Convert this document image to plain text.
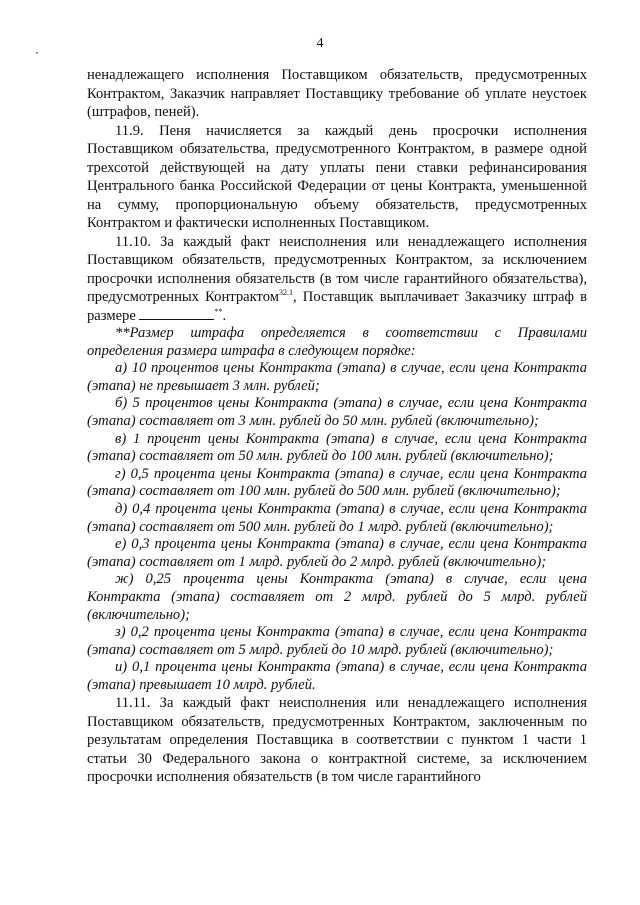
4

ненадлежащего исполнения Поставщиком обязательств, предусмотренных Контрактом, Заказчик направляет Поставщику требование об уплате неустоек (штрафов, пеней).

11.9. Пеня начисляется за каждый день просрочки исполнения Поставщиком обязательства, предусмотренного Контрактом, в размере одной трехсотой действующей на дату уплаты пени ставки рефинансирования Центрального банка Российской Федерации от цены Контракта, уменьшенной на сумму, пропорциональную объему обязательств, предусмотренных Контрактом и фактически исполненных Поставщиком.

11.10. За каждый факт неисполнения или ненадлежащего исполнения Поставщиком обязательств, предусмотренных Контрактом, за исключением просрочки исполнения обязательств (в том числе гарантийного обязательства), предусмотренных Контрактом$^{32.1}$, Поставщик выплачивает Заказчику штраф в размере	**.

**Размер штрафа определяется в соответствии с Правилами определения размера штрафа в следующем порядке:

а) 10 процентов цены Контракта (этапа) в случае, если цена Контракта (этапа) не превышает 3 млн. рублей;

б) 5 процентов цены Контракта (этапа) в случае, если цена Контракта (этапа) составляет от 3 млн. рублей до 50 млн. рублей (включительно);

в) 1 процент цены Контракта (этапа) в случае, если цена Контракта (этапа) составляет от 50 млн. рублей до 100 млн. рублей (включительно);

г) 0,5 процента цены Контракта (этапа) в случае, если цена Контракта (этапа) составляет от 100 млн. рублей до 500 млн. рублей (включительно);

д) 0,4 процента цены Контракта (этапа) в случае, если цена Контракта (этапа) составляет от 500 млн. рублей до 1 млрд. рублей (включительно);

е) 0,3 процента цены Контракта (этапа) в случае, если цена Контракта (этапа) составляет от 1 млрд. рублей до 2 млрд. рублей (включительно);

ж) 0,25 процента цены Контракта (этапа) в случае, если цена Контракта (этапа) составляет от 2 млрд. рублей до 5 млрд. рублей (включительно);

з) 0,2 процента цены Контракта (этапа) в случае, если цена Контракта (этапа) составляет от 5 млрд. рублей до 10 млрд. рублей (включительно);

и) 0,1 процента цены Контракта (этапа) в случае, если цена Контракта (этапа) превышает 10 млрд. рублей.

11.11. За каждый факт неисполнения или ненадлежащего исполнения Поставщиком обязательств, предусмотренных Контрактом, заключенным по результатам определения Поставщика в соответствии с пунктом 1 части 1 статьи 30 Федерального закона о контрактной системе, за исключением просрочки исполнения обязательств (в том числе гарантийного
